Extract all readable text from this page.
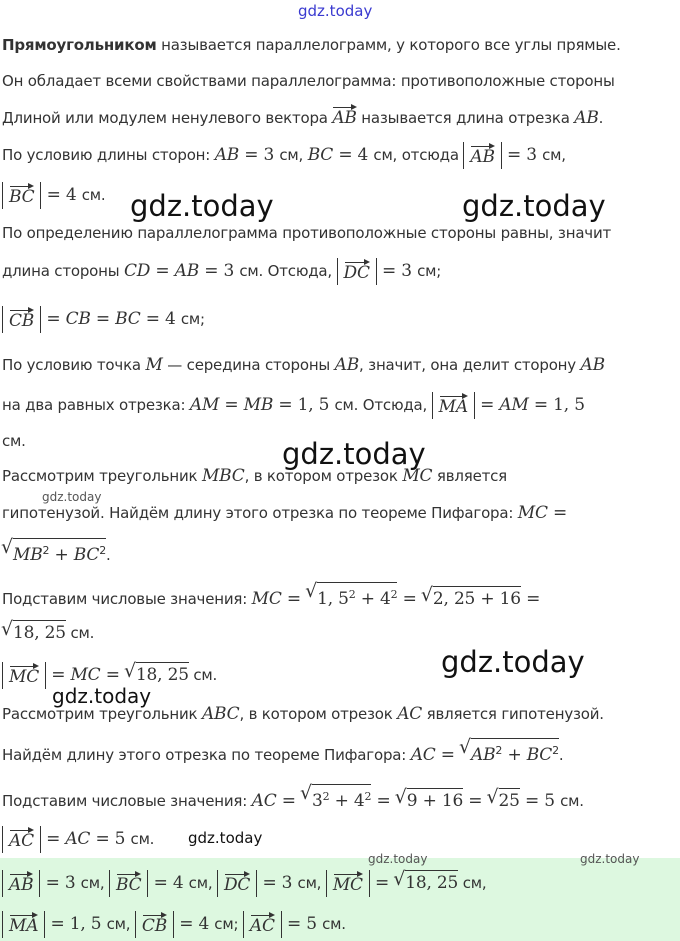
gdz.today
Прямоугольником называется параллелограмм, у которого все углы прямые.
Он обладает всеми свойствами параллелограмма: противоположные стороны
Длиной или модулем ненулевого вектора AB называется длина отрезка AB.
По условию длины сторон: AB = 3 см, BC = 4 см, отсюда AB = 3 см,
BC = 4 см.
По определению параллелограмма противоположные стороны равны, значит
длина стороны CD = AB = 3 см. Отсюда, DC = 3 см;
CB = CB = BC = 4 см;
По условию точка M — середина стороны AB, значит, она делит сторону AB
на два равных отрезка: AM = MB = 1, 5 см. Отсюда, MA = AM = 1, 5
см.
Рассмотрим треугольник MBC, в котором отрезок MC является
гипотенузой. Найдём длину этого отрезка по теореме Пифагора: MC =
√ $MB^2 + BC^2$.
Подставим числовые значения: MC = √ 1, $5^2 + 4^2$ = √ 2, 25 + 16 =
√ 18, 25 см.
MC = MC = √ 18, 25 см.
Рассмотрим треугольник ABC, в котором отрезок AC является гипотенузой.
Найдём длину этого отрезка по теореме Пифагора: AC = √ $AB^2 + BC^2$.
Подставим числовые значения: AC = √ $3^2 + 4^2$ = √ 9 + 16 = √ 25 = 5 см.
AC = AC = 5 см.
AB = 3 см, BC = 4 см, DC = 3 см, MC = √ 18, 25 см,
MA = 1, 5 см, CB = 4 см; AC = 5 см.
gdz.today	gdz.today
gdz.today
gdz.today
gdz.today
gdz.today
gdz.today
gdz.today	gdz.today
